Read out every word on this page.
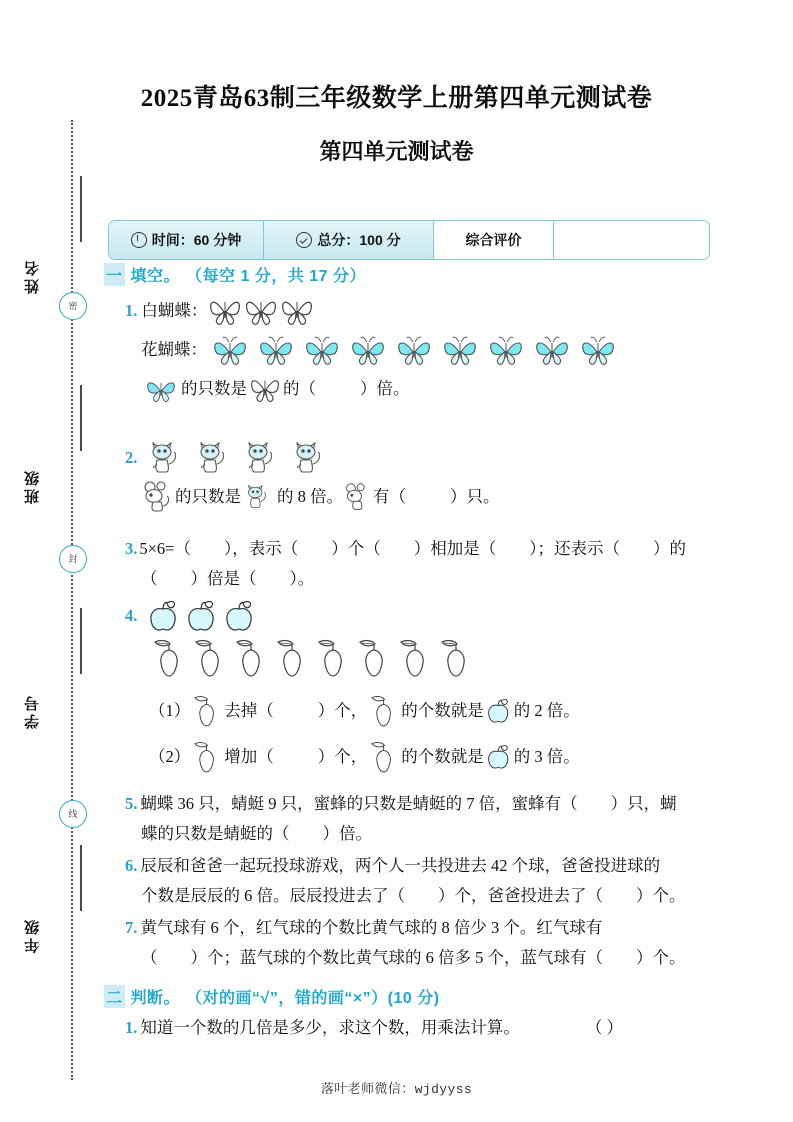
姓名
密
班级
封
学号
线
年级
2025青岛63制三年级数学上册第四单元测试卷
第四单元测试卷
时间：60 分钟	总分：100 分	综合评价
一 填空。 （每空 1 分，共 17 分）
1. 白蝴蝶：
花蝴蝶：
的只数是 的（	）倍。
2.
的只数是 的 8 倍。 有（	）只。
3. 5×6=（        ），表示（        ）个（        ）相加是（        ）；还表示（        ）的
（        ）倍是（        ）。
4.
（1） 去掉（	）个， 的个数就是 的 2 倍。
（2） 增加（	）个， 的个数就是 的 3 倍。
5. 蝴蝶 36 只，蜻蜓 9 只，蜜蜂的只数是蜻蜓的 7 倍，蜜蜂有（        ）只，蝴
蝶的只数是蜻蜓的（        ）倍。
6. 辰辰和爸爸一起玩投球游戏，两个人一共投进去 42 个球，爸爸投进球的
个数是辰辰的 6 倍。辰辰投进去了（        ）个，爸爸投进去了（        ）个。
7. 黄气球有 6 个，红气球的个数比黄气球的 8 倍少 3 个。红气球有
（        ）个；蓝气球的个数比黄气球的 6 倍多 5 个，蓝气球有（        ）个。
二 判断。 （对的画“√”，错的画“×”）(10 分)
1. 知道一个数的几倍是多少，求这个数，用乘法计算。	（ ）
落叶老师微信：wjdyyss
